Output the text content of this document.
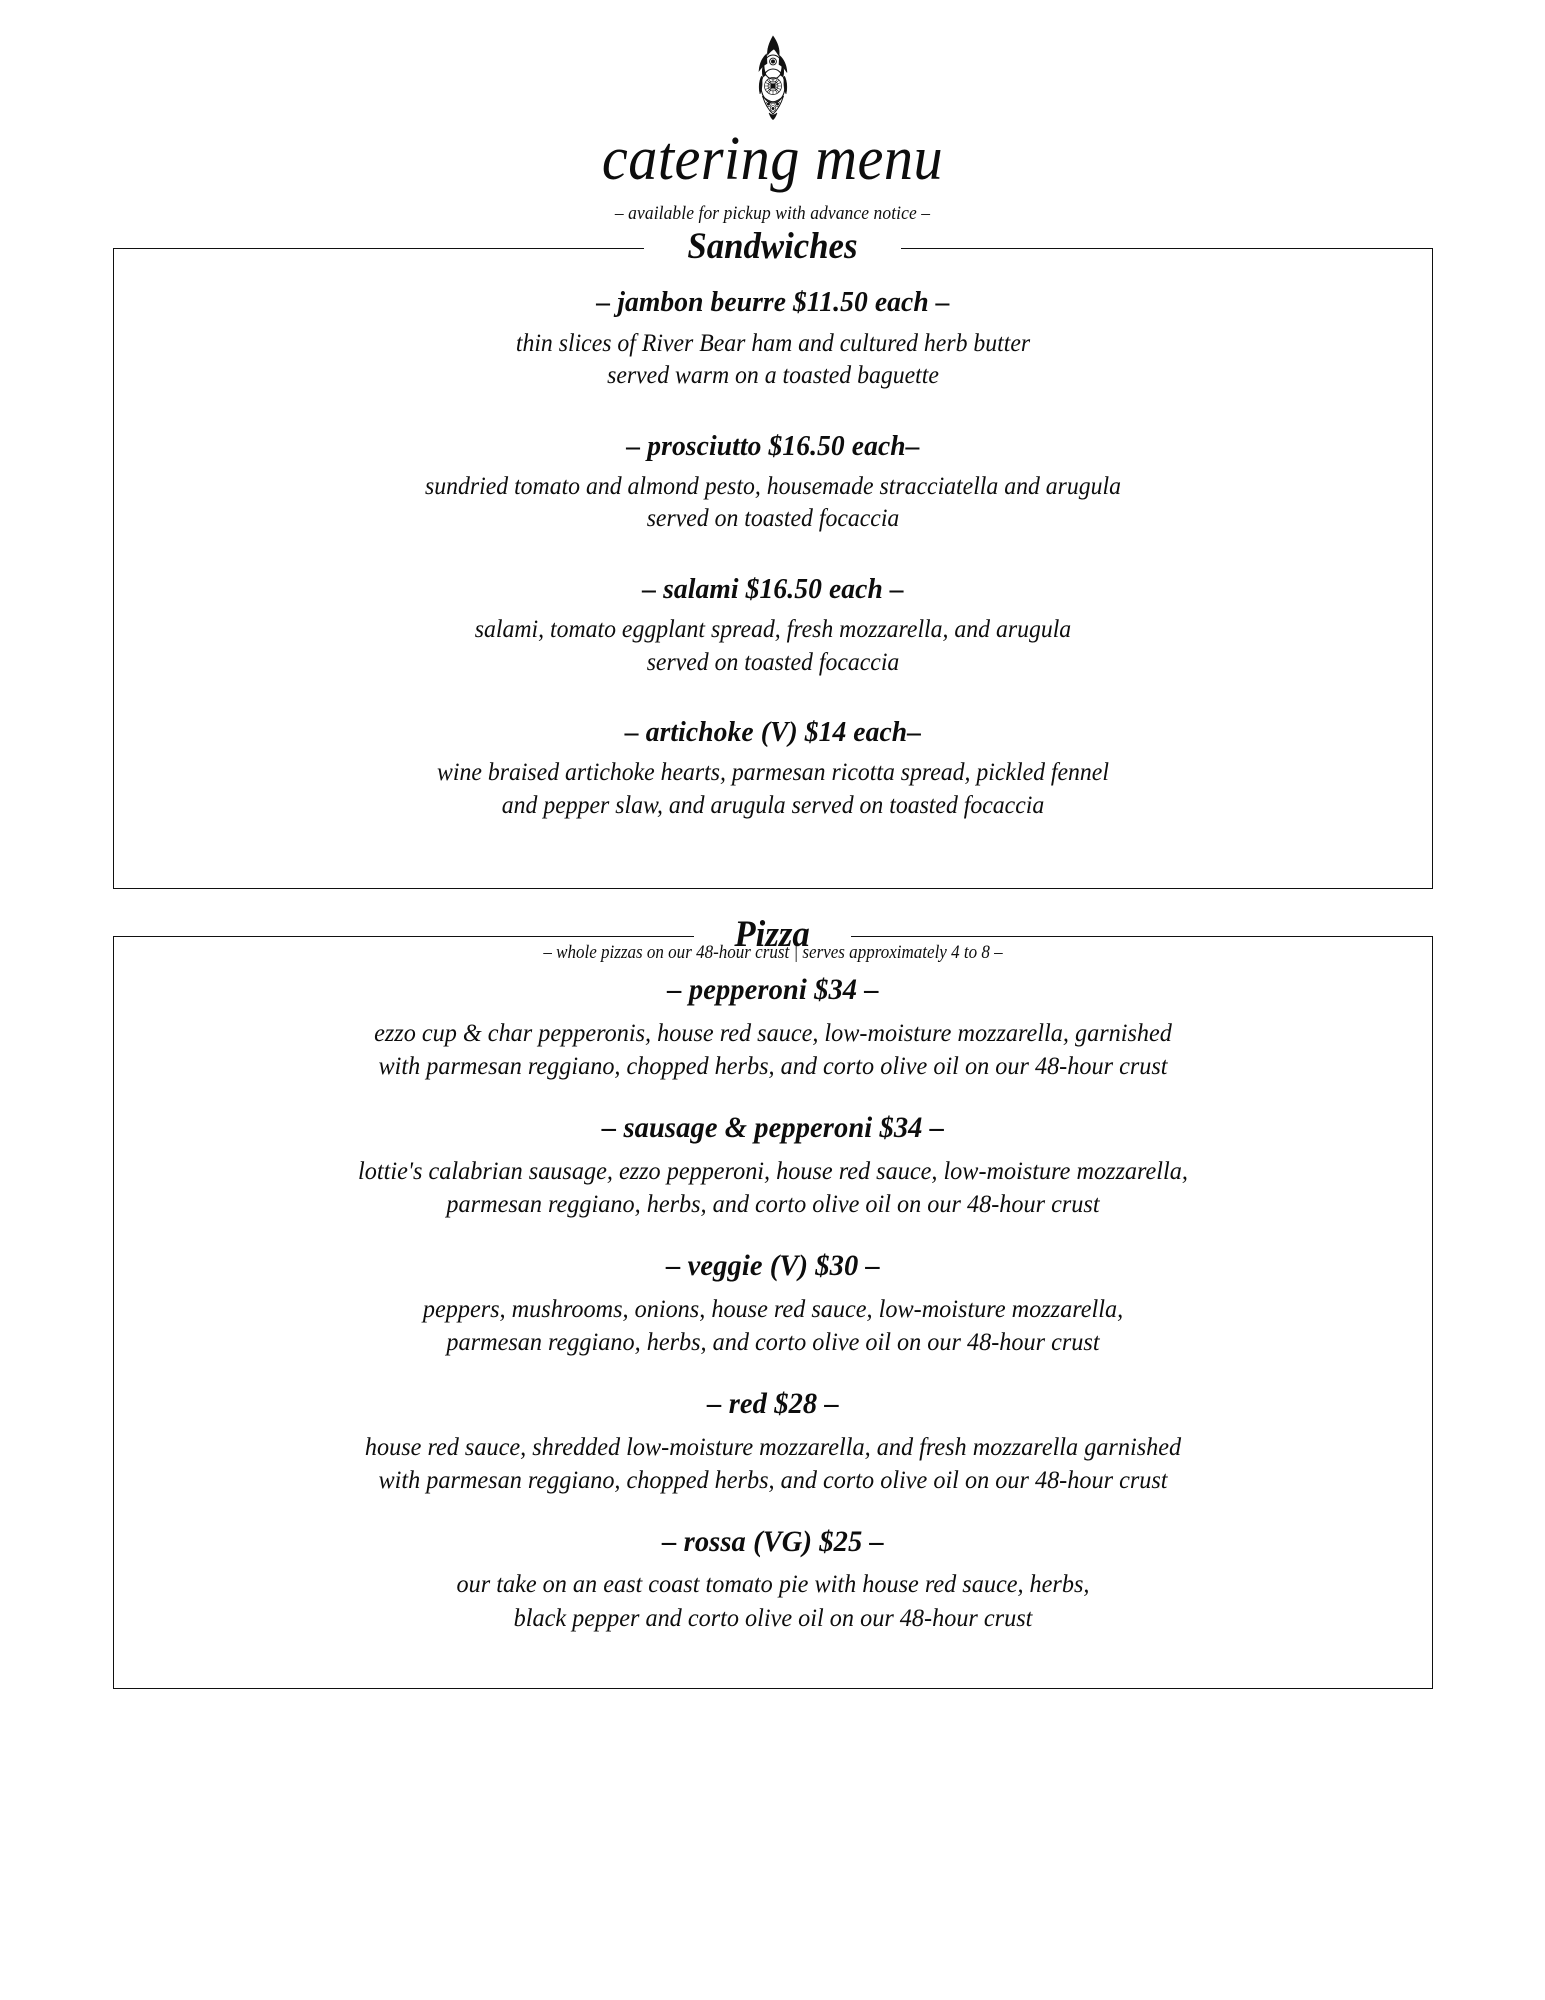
catering menu
– available for pickup with advance notice –
Sandwiches
– jambon beurre $11.50 each –
thin slices of River Bear ham and cultured herb butter
served warm on a toasted baguette
– prosciutto $16.50 each–
sundried tomato and almond pesto, housemade stracciatella and arugula
served on toasted focaccia
– salami $16.50 each –
salami, tomato eggplant spread, fresh mozzarella, and arugula
served on toasted focaccia
– artichoke (V) $14 each–
wine braised artichoke hearts, parmesan ricotta spread, pickled fennel
and pepper slaw, and arugula served on toasted focaccia
Pizza
– whole pizzas on our 48-hour crust | serves approximately 4 to 8 –
– pepperoni $34 –
ezzo cup & char pepperonis, house red sauce, low-moisture mozzarella, garnished
with parmesan reggiano, chopped herbs, and corto olive oil on our 48-hour crust
– sausage & pepperoni $34 –
lottie's calabrian sausage, ezzo pepperoni, house red sauce, low-moisture mozzarella,
parmesan reggiano, herbs, and corto olive oil on our 48-hour crust
– veggie (V) $30 –
peppers, mushrooms, onions, house red sauce, low-moisture mozzarella,
parmesan reggiano, herbs, and corto olive oil on our 48-hour crust
– red $28 –
house red sauce, shredded low-moisture mozzarella, and fresh mozzarella garnished
with parmesan reggiano, chopped herbs, and corto olive oil on our 48-hour crust
– rossa (VG) $25 –
our take on an east coast tomato pie with house red sauce, herbs,
black pepper and corto olive oil on our 48-hour crust
